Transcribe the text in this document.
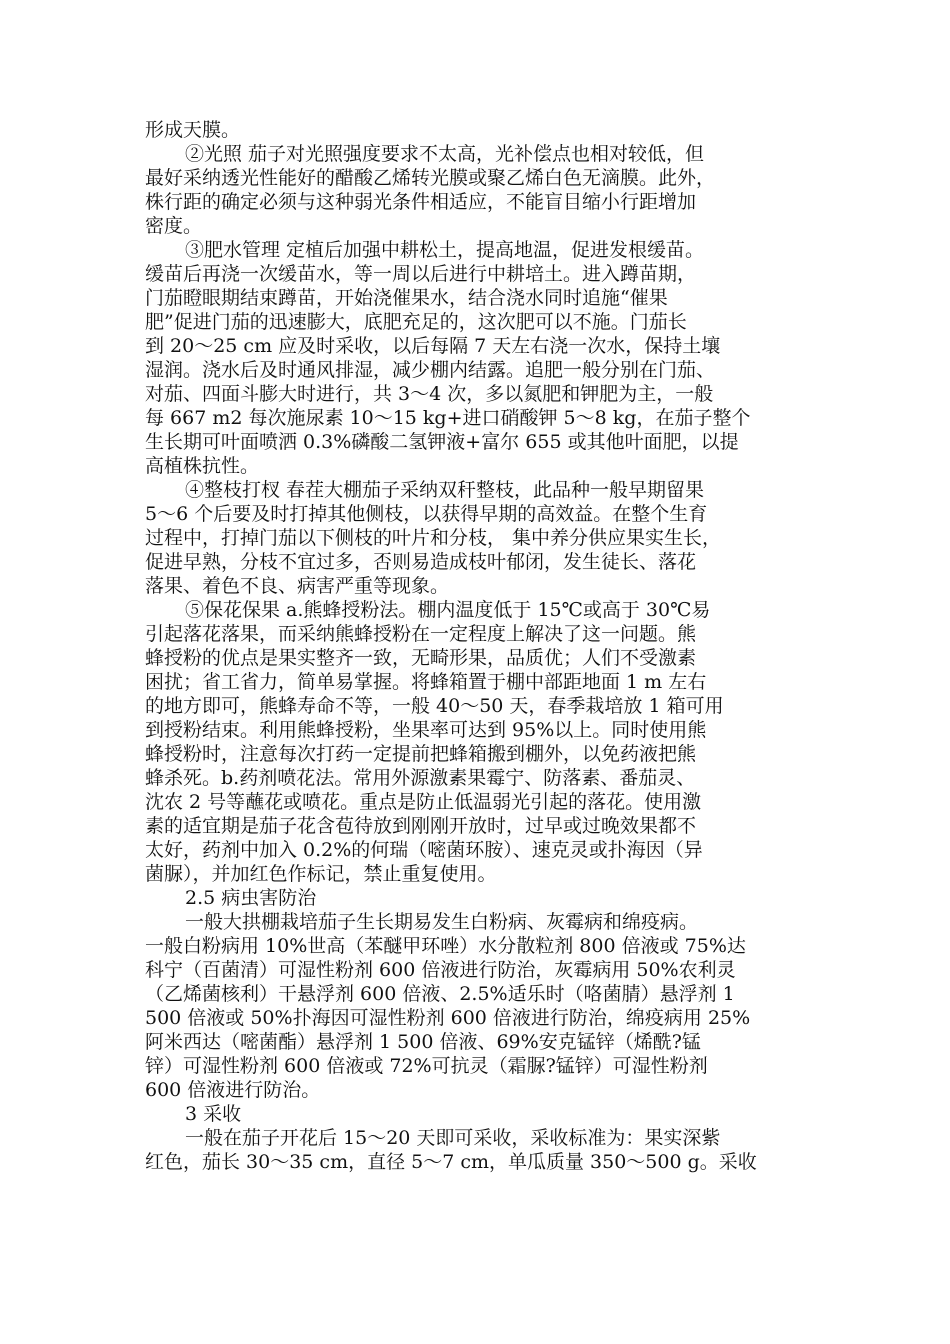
形成天膜。
②光照 茄子对光照强度要求不太高，光补偿点也相对较低，但
最好采纳透光性能好的醋酸乙烯转光膜或聚乙烯白色无滴膜。此外，
株行距的确定必须与这种弱光条件相适应，不能盲目缩小行距增加
密度。
③肥水管理 定植后加强中耕松土，提高地温，促进发根缓苗。
缓苗后再浇一次缓苗水，等一周以后进行中耕培土。进入蹲苗期，
门茄瞪眼期结束蹲苗，开始浇催果水，结合浇水同时追施“催果
肥”促进门茄的迅速膨大，底肥充足的，这次肥可以不施。门茄长
到 20～25 cm 应及时采收，以后每隔 7 天左右浇一次水，保持土壤
湿润。浇水后及时通风排湿，减少棚内结露。追肥一般分别在门茄、
对茄、四面斗膨大时进行，共 3～4 次，多以氮肥和钾肥为主，一般
每 667 m2 每次施尿素 10～15 kg+进口硝酸钾 5～8 kg，在茄子整个
生长期可叶面喷洒 0.3%磷酸二氢钾液+富尔 655 或其他叶面肥，以提
高植株抗性。
④整枝打杈 春茬大棚茄子采纳双秆整枝，此品种一般早期留果
5～6 个后要及时打掉其他侧枝，以获得早期的高效益。在整个生育
过程中，打掉门茄以下侧枝的叶片和分枝， 集中养分供应果实生长，
促进早熟，分枝不宜过多，否则易造成枝叶郁闭，发生徒长、落花
落果、着色不良、病害严重等现象。
⑤保花保果 a.熊蜂授粉法。棚内温度低于 15℃或高于 30℃易
引起落花落果，而采纳熊蜂授粉在一定程度上解决了这一问题。熊
蜂授粉的优点是果实整齐一致，无畸形果，品质优；人们不受激素
困扰；省工省力，简单易掌握。将蜂箱置于棚中部距地面 1 m 左右
的地方即可，熊蜂寿命不等，一般 40～50 天，春季栽培放 1 箱可用
到授粉结束。利用熊蜂授粉，坐果率可达到 95%以上。同时使用熊
蜂授粉时，注意每次打药一定提前把蜂箱搬到棚外，以免药液把熊
蜂杀死。b.药剂喷花法。常用外源激素果霉宁、防落素、番茄灵、
沈农 2 号等蘸花或喷花。重点是防止低温弱光引起的落花。使用激
素的适宜期是茄子花含苞待放到刚刚开放时，过早或过晚效果都不
太好，药剂中加入 0.2%的何瑞（嘧菌环胺）、速克灵或扑海因（异
菌脲），并加红色作标记，禁止重复使用。
2.5 病虫害防治
一般大拱棚栽培茄子生长期易发生白粉病、灰霉病和绵疫病。
一般白粉病用 10%世高（苯醚甲环唑）水分散粒剂 800 倍液或 75%达
科宁（百菌清）可湿性粉剂 600 倍液进行防治，灰霉病用 50%农利灵
（乙烯菌核利）干悬浮剂 600 倍液、2.5%适乐时（咯菌腈）悬浮剂 1
500 倍液或 50%扑海因可湿性粉剂 600 倍液进行防治，绵疫病用 25%
阿米西达（嘧菌酯）悬浮剂 1 500 倍液、69%安克锰锌（烯酰?锰
锌）可湿性粉剂 600 倍液或 72%可抗灵（霜脲?锰锌）可湿性粉剂
600 倍液进行防治。
3 采收
一般在茄子开花后 15～20 天即可采收，采收标准为：果实深紫
红色，茄长 30～35 cm，直径 5～7 cm，单瓜质量 350～500 g。采收
